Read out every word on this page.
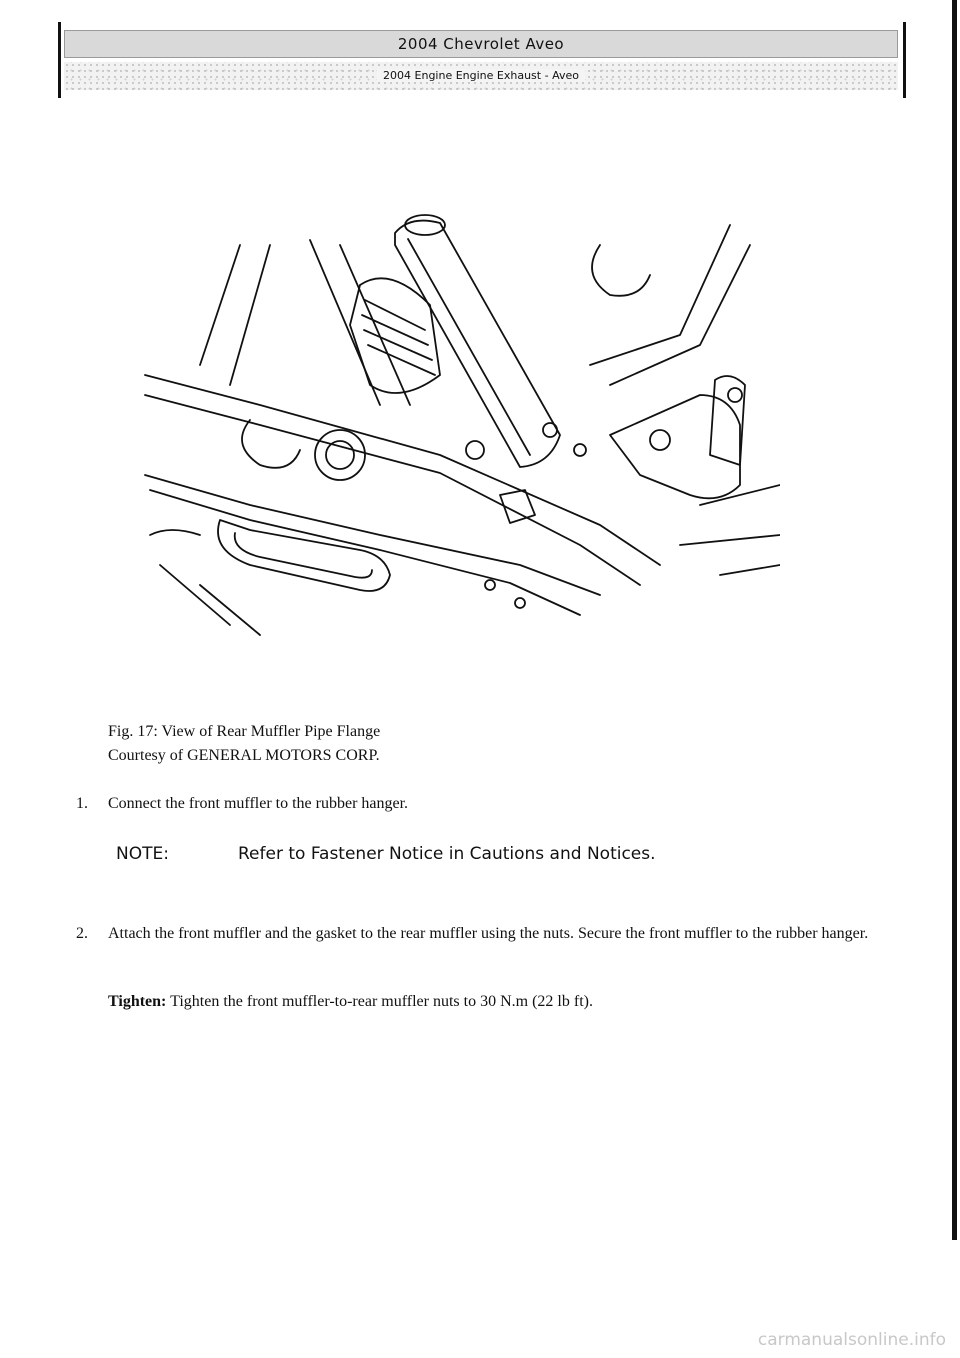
2004 Chevrolet Aveo
2004 Engine Engine Exhaust - Aveo
Fig. 17: View of Rear Muffler Pipe Flange
Courtesy of GENERAL MOTORS CORP.
1. Connect the front muffler to the rubber hanger.
NOTE:	Refer to Fastener Notice in Cautions and Notices.
2. Attach the front muffler and the gasket to the rear muffler using the nuts. Secure the front muffler to the rubber hanger.
Tighten: Tighten the front muffler-to-rear muffler nuts to 30 N.m (22 lb ft).
carmanualsonline.info
